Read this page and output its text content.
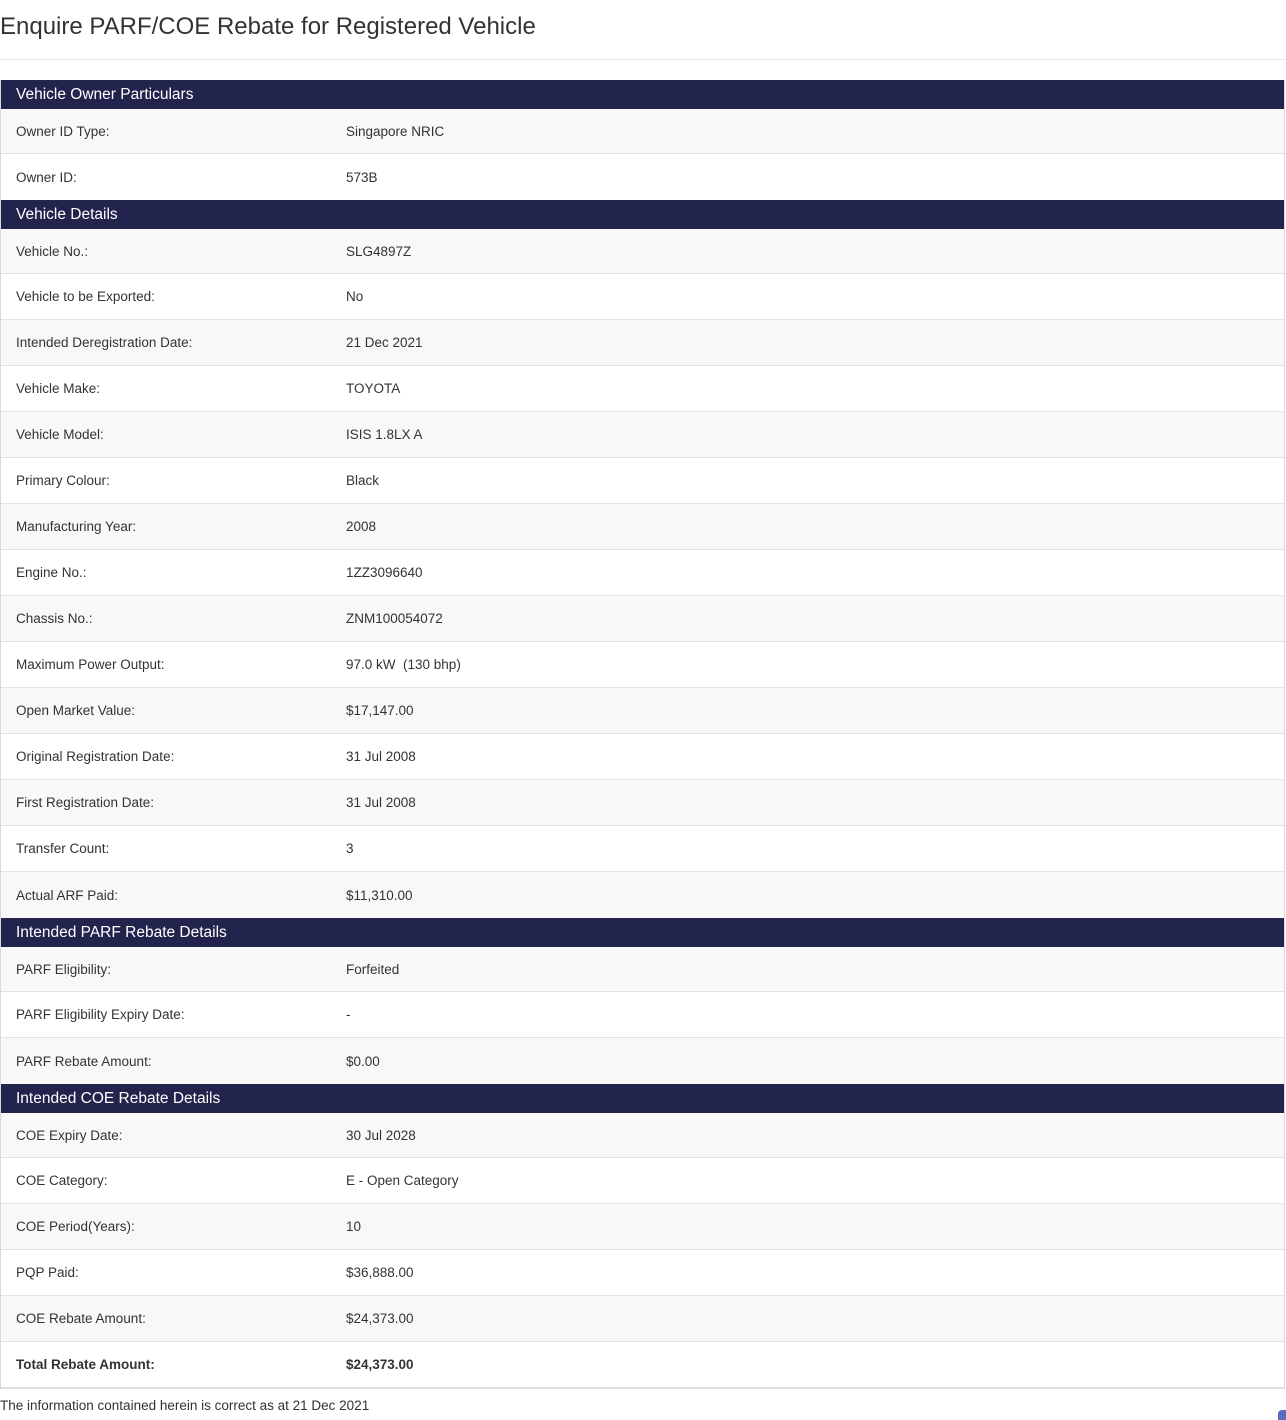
Enquire PARF/COE Rebate for Registered Vehicle
Vehicle Owner Particulars
Owner ID Type:	Singapore NRIC
Owner ID:	573B
Vehicle Details
Vehicle No.:	SLG4897Z
Vehicle to be Exported:	No
Intended Deregistration Date:	21 Dec 2021
Vehicle Make:	TOYOTA
Vehicle Model:	ISIS 1.8LX A
Primary Colour:	Black
Manufacturing Year:	2008
Engine No.:	1ZZ3096640
Chassis No.:	ZNM100054072
Maximum Power Output:	97.0 kW  (130 bhp)
Open Market Value:	$17,147.00
Original Registration Date:	31 Jul 2008
First Registration Date:	31 Jul 2008
Transfer Count:	3
Actual ARF Paid:	$11,310.00
Intended PARF Rebate Details
PARF Eligibility:	Forfeited
PARF Eligibility Expiry Date:	-
PARF Rebate Amount:	$0.00
Intended COE Rebate Details
COE Expiry Date:	30 Jul 2028
COE Category:	E - Open Category
COE Period(Years):	10
PQP Paid:	$36,888.00
COE Rebate Amount:	$24,373.00
Total Rebate Amount:	$24,373.00
The information contained herein is correct as at 21 Dec 2021
